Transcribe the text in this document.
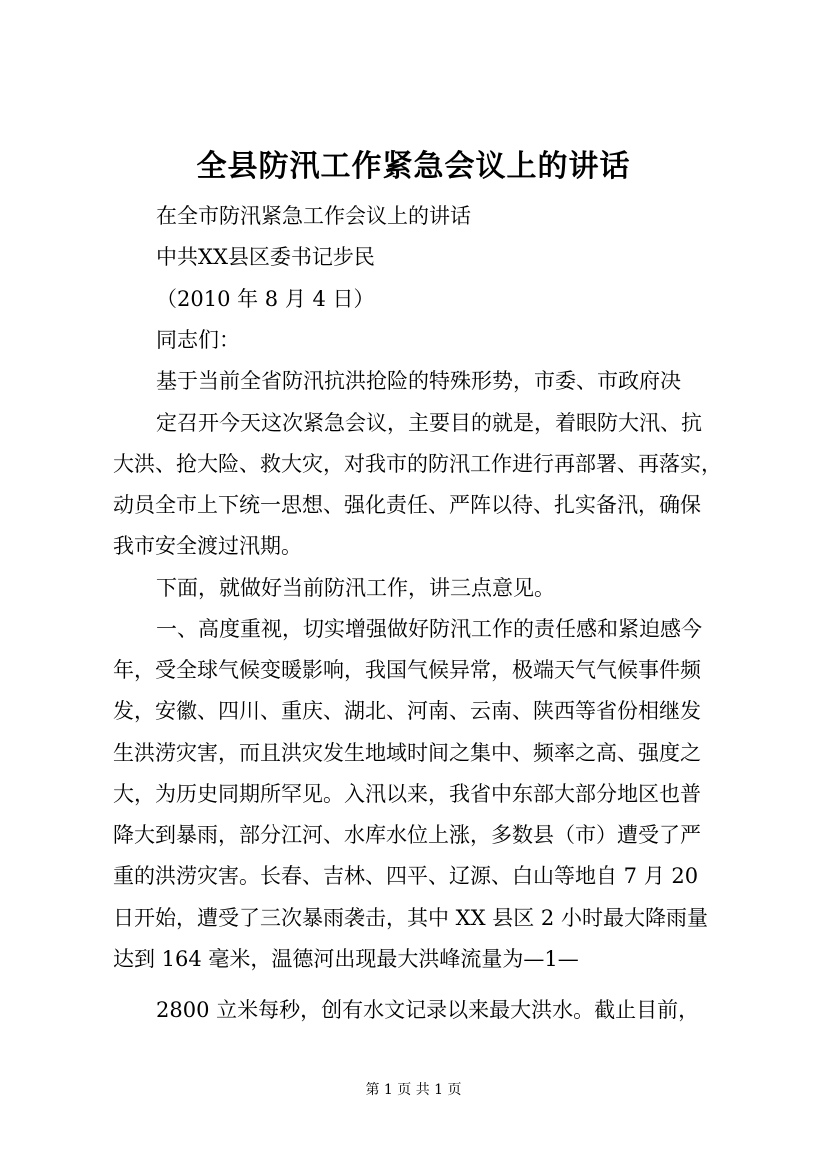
全县防汛工作紧急会议上的讲话
在全市防汛紧急工作会议上的讲话
中共XX县区委书记步民
（2010 年 8 月 4 日）
同志们：
基于当前全省防汛抗洪抢险的特殊形势，市委、市政府决
定召开今天这次紧急会议，主要目的就是，着眼防大汛、抗
大洪、抢大险、救大灾，对我市的防汛工作进行再部署、再落实，
动员全市上下统一思想、强化责任、严阵以待、扎实备汛，确保
我市安全渡过汛期。
下面，就做好当前防汛工作，讲三点意见。
一、高度重视，切实增强做好防汛工作的责任感和紧迫感今
年，受全球气候变暖影响，我国气候异常，极端天气气候事件频
发，安徽、四川、重庆、湖北、河南、云南、陕西等省份相继发
生洪涝灾害，而且洪灾发生地域时间之集中、频率之高、强度之
大，为历史同期所罕见。入汛以来，我省中东部大部分地区也普
降大到暴雨，部分江河、水库水位上涨，多数县（市）遭受了严
重的洪涝灾害。长春、吉林、四平、辽源、白山等地自 7 月 20
日开始，遭受了三次暴雨袭击，其中 XX 县区 2 小时最大降雨量
达到 164 毫米，温德河出现最大洪峰流量为—1—
2800 立米每秒，创有水文记录以来最大洪水。截止目前，
第 1 页 共 1 页
